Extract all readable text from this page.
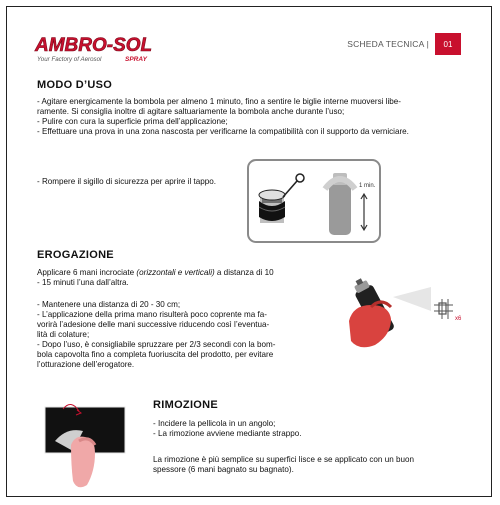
AMBRO-SOL
Your Factory of Aerosol	SPRAY
SCHEDA TECNICA |	01
MODO D’USO

- Agitare energicamente la bombola per almeno 1 minuto, fino a sentire le biglie interne muoversi libe-

ramente. Si consiglia inoltre di agitare saltuariamente la bombola anche durante l’uso;

- Pulire con cura la superficie prima dell’applicazione;

- Effettuare una prova in una zona nascosta per verificarne la compatibilità con il supporto da verniciare.

- Rompere il sigillo di sicurezza per aprire il tappo.	1 min.
EROGAZIONE

Applicare 6 mani incrociate (orizzontali e verticali) a distanza di 10

- 15 minuti l’una dall’altra.

- Mantenere una distanza di 20 - 30 cm;

- L’applicazione della prima mano risulterà poco coprente ma fa-

vorirà l’adesione delle mani successive riducendo così l’eventua-

lità di colature;

- Dopo l’uso, è consigliabile spruzzare per 2/3 secondi con la bom-

bola capovolta fino a completa fuoriuscita del prodotto, per evitare

l’otturazione dell’erogatore.

x6
RIMOZIONE

- Incidere la pellicola in un angolo;

- La rimozione avviene mediante strappo.

La rimozione è più semplice su superfici lisce e se applicato con un buon

spessore (6 mani bagnato su bagnato).
